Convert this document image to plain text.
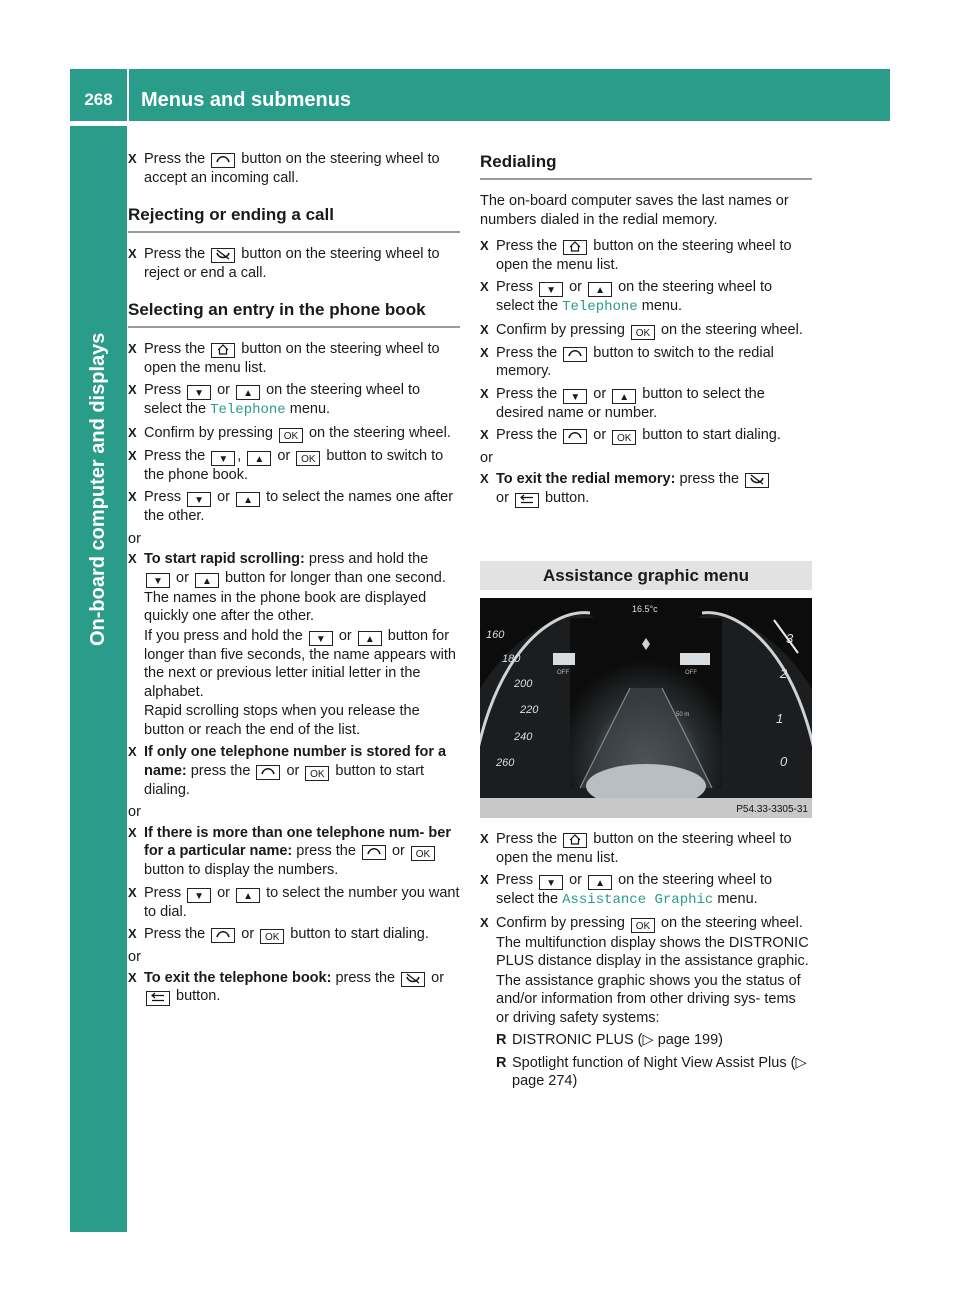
268	Menus and submenus
On-board computer and displays
X Press the  button on the steering wheel to accept an incoming call.
Rejecting or ending a call
X Press the  button on the steering wheel to reject or end a call.
Selecting an entry in the phone book
X Press the  button on the steering wheel to open the menu list.
X Press ▼ or ▲ on the steering wheel to select the Telephone menu.
X Confirm by pressing OK on the steering wheel.
X Press the ▼ , ▲ or OK button to switch to the phone book.
X Press ▼ or ▲ to select the names one after the other.
or
X To start rapid scrolling: press and hold the ▼ or ▲ button for longer than one second.
The names in the phone book are displayed quickly one after the other.
If you press and hold the ▼ or ▲ button for longer than five seconds, the name appears with the next or previous letter initial letter in the alphabet.
Rapid scrolling stops when you release the button or reach the end of the list.
X If only one telephone number is stored for a name: press the  or OK button to start dialing.
or
X If there is more than one telephone num- ber for a particular name: press the  or OK button to display the numbers.
X Press ▼ or ▲ to select the number you want to dial.
X Press the  or OK button to start dialing.
or
X To exit the telephone book: press the  or  button.
Redialing
The on-board computer saves the last names or numbers dialed in the redial memory.
X Press the  button on the steering wheel to open the menu list.
X Press ▼ or ▲ on the steering wheel to select the Telephone menu.
X Confirm by pressing OK on the steering wheel.
X Press the  button to switch to the redial memory.
X Press the ▼ or ▲ button to select the desired name or number.
X Press the  or OK button to start dialing.
or
X To exit the redial memory: press the
or  button.
Assistance graphic menu
160
180
200
220
240
260
3
2
1
0
16.5°c
50 m
OFF	OFF
P54.33-3305-31
X Press the  button on the steering wheel to open the menu list.
X Press ▼ or ▲ on the steering wheel to select the Assistance Graphic menu.
X Confirm by pressing OK on the steering wheel.
The multifunction display shows the DISTRONIC PLUS distance display in the assistance graphic.
The assistance graphic shows you the status of and/or information from other driving sys- tems or driving safety systems:
R DISTRONIC PLUS (▷ page 199)
R Spotlight function of Night View Assist Plus (▷ page 274)
